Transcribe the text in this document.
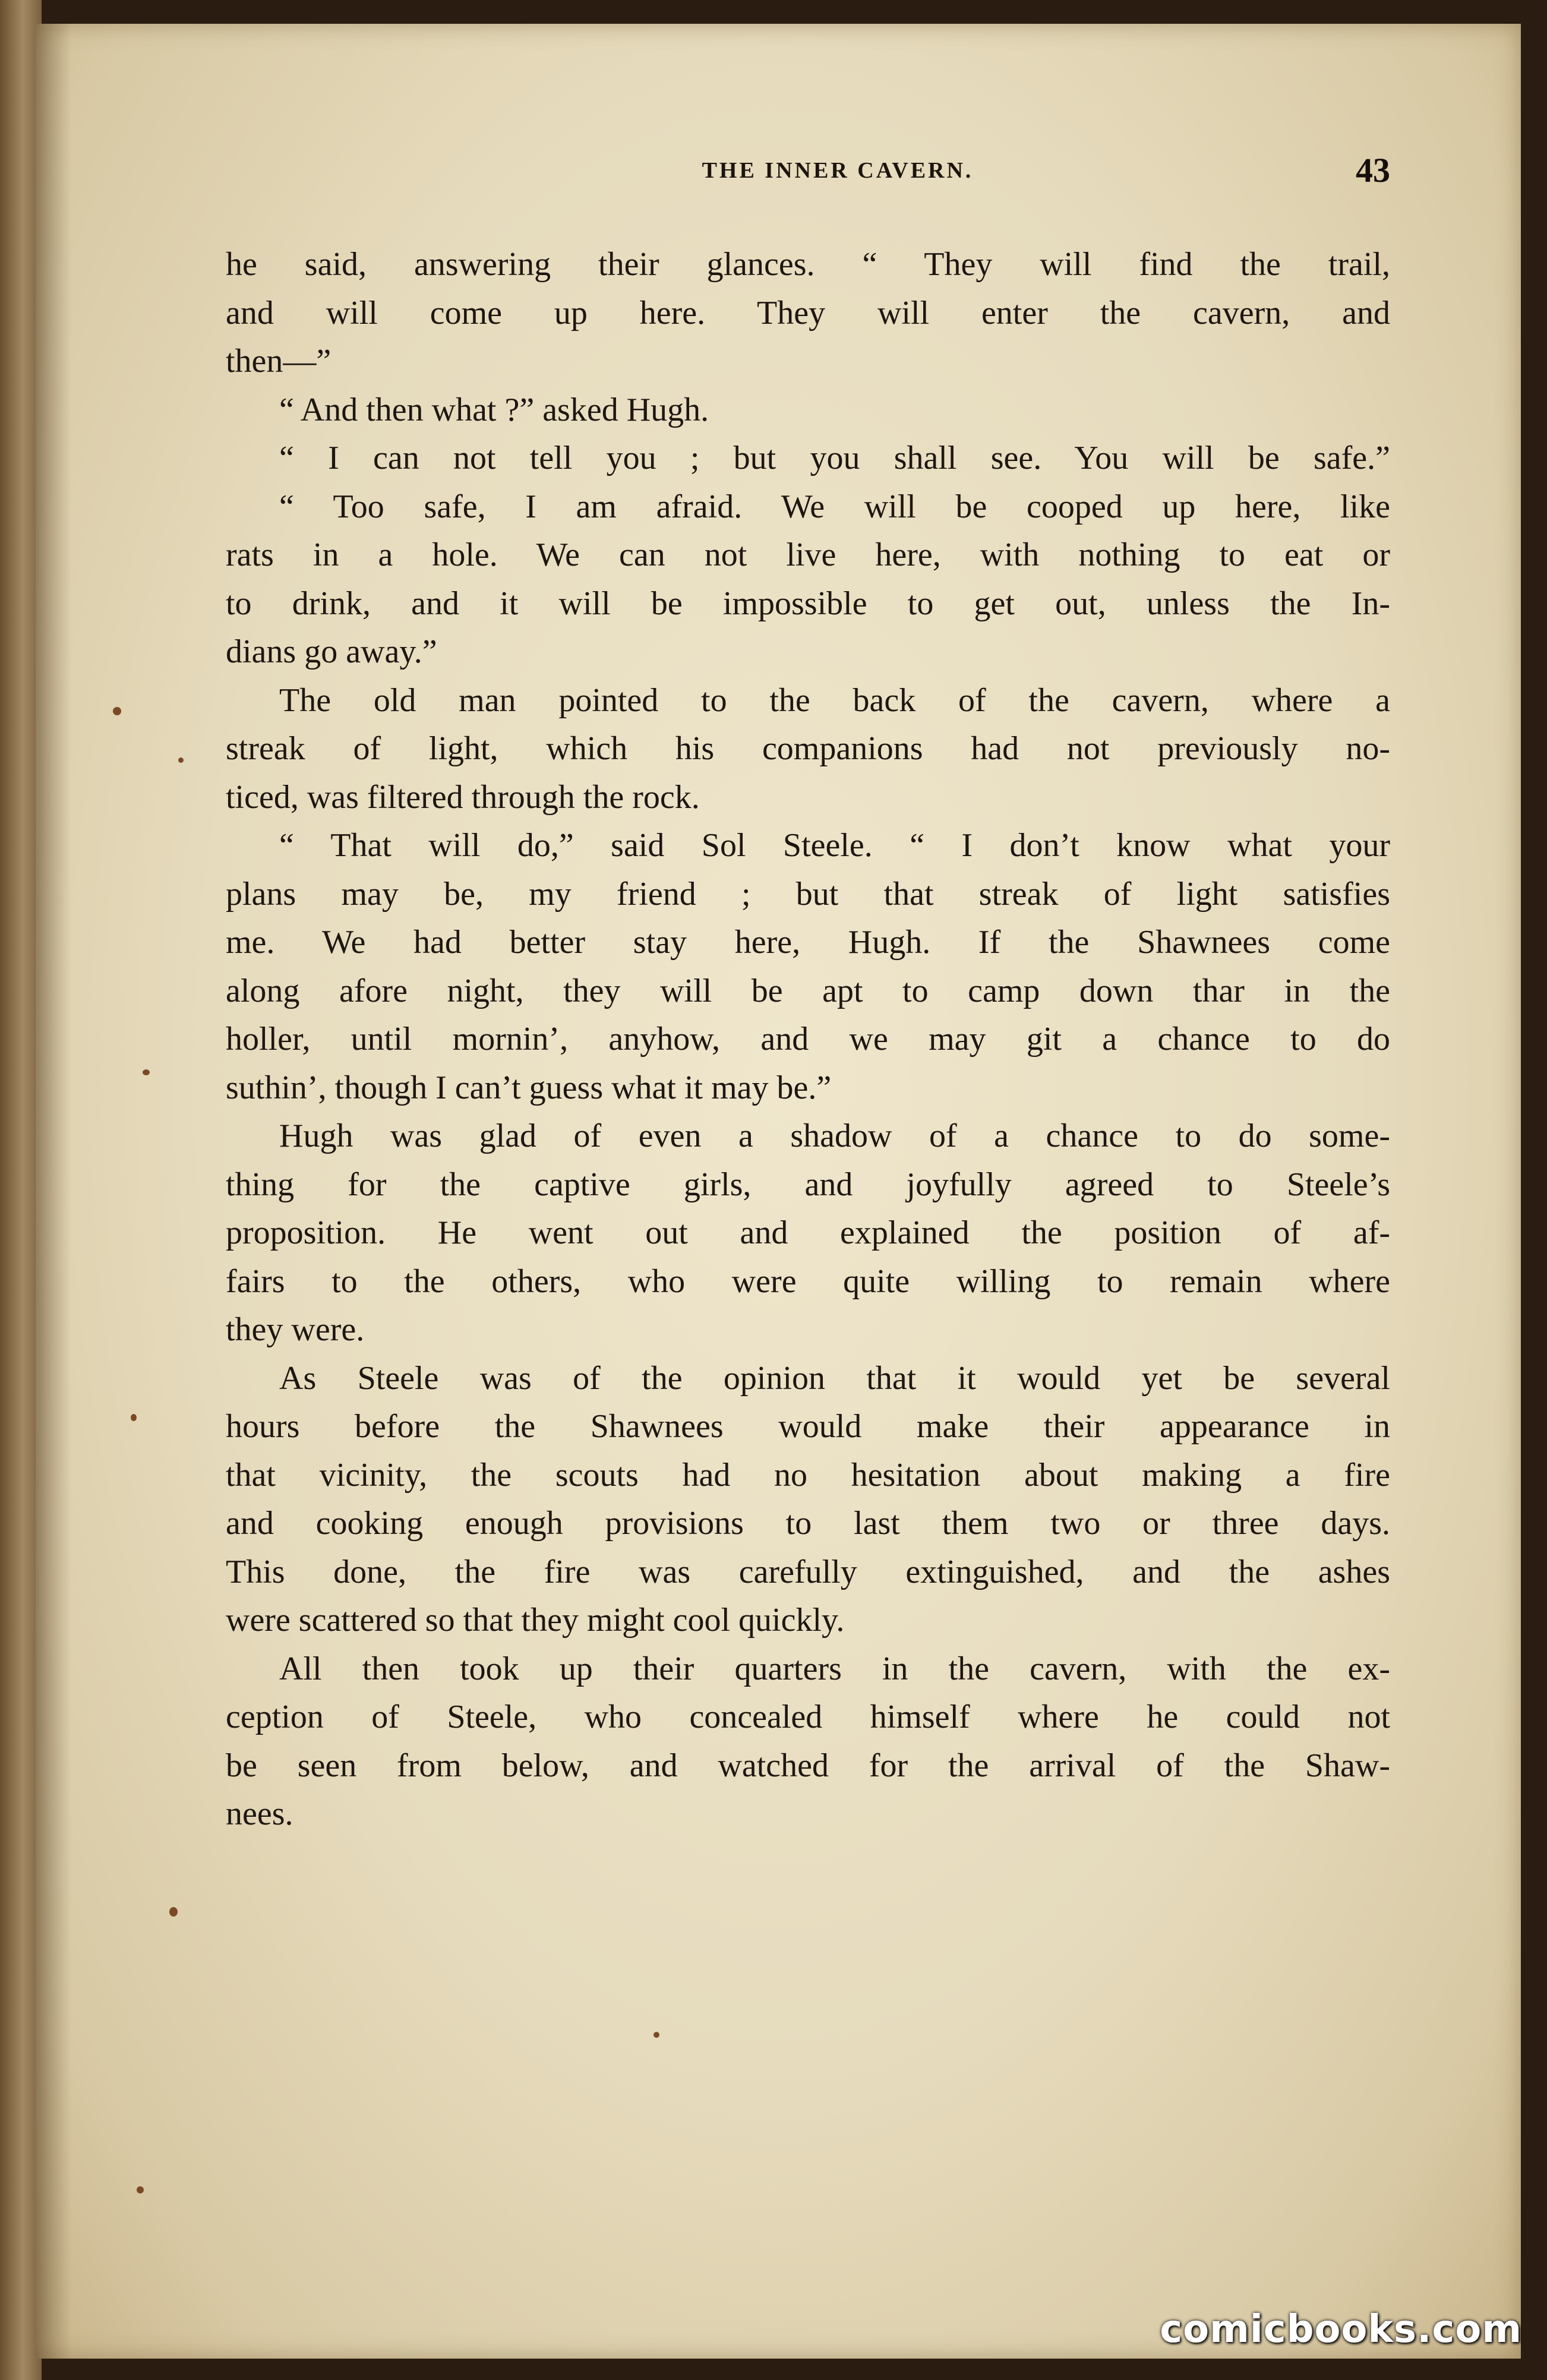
THE INNER CAVERN.	43
he said, answering their glances. “ They will find the trail,
and will come up here. They will enter the cavern, and
then—”
“ And then what ?” asked Hugh.
“ I can not tell you ; but you shall see. You will be safe.”
“ Too safe, I am afraid. We will be cooped up here, like
rats in a hole. We can not live here, with nothing to eat or
to drink, and it will be impossible to get out, unless the In-
dians go away.”
The old man pointed to the back of the cavern, where a
streak of light, which his companions had not previously no-
ticed, was filtered through the rock.
“ That will do,” said Sol Steele. “ I don’t know what your
plans may be, my friend ; but that streak of light satisfies
me. We had better stay here, Hugh. If the Shawnees come
along afore night, they will be apt to camp down thar in the
holler, until mornin’, anyhow, and we may git a chance to do
suthin’, though I can’t guess what it may be.”
Hugh was glad of even a shadow of a chance to do some-
thing for the captive girls, and joyfully agreed to Steele’s
proposition. He went out and explained the position of af-
fairs to the others, who were quite willing to remain where
they were.
As Steele was of the opinion that it would yet be several
hours before the Shawnees would make their appearance in
that vicinity, the scouts had no hesitation about making a fire
and cooking enough provisions to last them two or three days.
This done, the fire was carefully extinguished, and the ashes
were scattered so that they might cool quickly.
All then took up their quarters in the cavern, with the ex-
ception of Steele, who concealed himself where he could not
be seen from below, and watched for the arrival of the Shaw-
nees.
comicbooks.com
